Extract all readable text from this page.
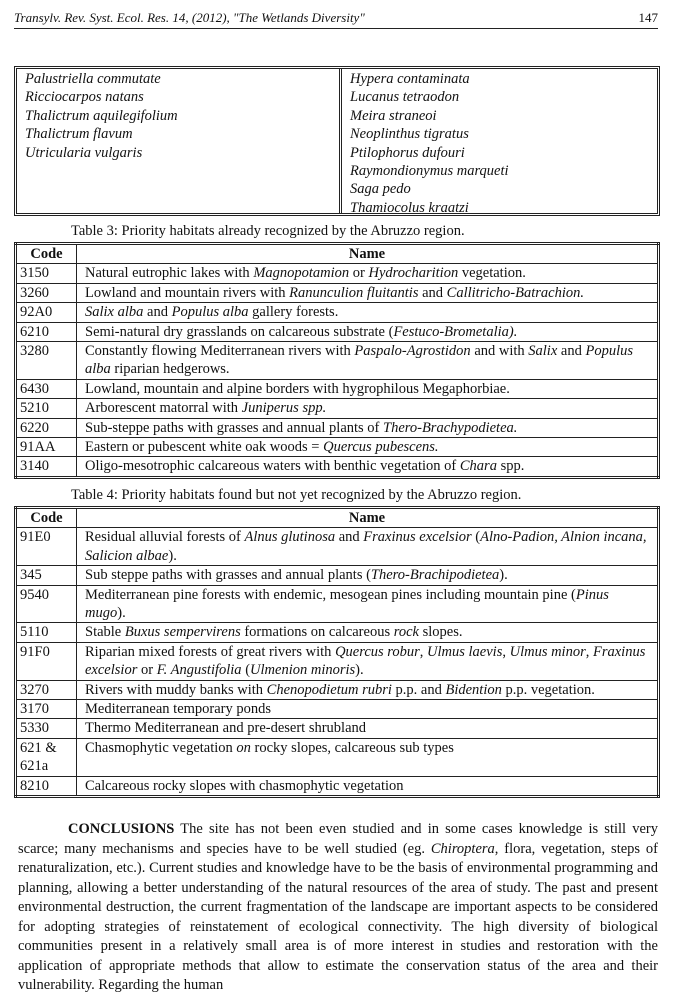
Transylv. Rev. Syst. Ecol. Res. 14, (2012), "The Wetlands Diversity"	147
Palustriella commutate
Ricciocarpos natans
Thalictrum aquilegifolium
Thalictrum flavum
Utricularia vulgaris
Hypera contaminata
Lucanus tetraodon
Meira straneoi
Neoplinthus tigratus
Ptilophorus dufouri
Raymondionymus marqueti
Saga pedo
Thamiocolus kraatzi
Table 3: Priority habitats already recognized by the Abruzzo region.
Code	Name
3150	Natural eutrophic lakes with Magnopotamion or Hydrocharition vegetation.
3260	Lowland and mountain rivers with Ranunculion fluitantis and Callitricho-Batrachion.
92A0	Salix alba and Populus alba gallery forests.
6210	Semi-natural dry grasslands on calcareous substrate (Festuco-Brometalia).
3280	Constantly flowing Mediterranean rivers with Paspalo-Agrostidon and with Salix and Populus alba riparian hedgerows.
6430	Lowland, mountain and alpine borders with hygrophilous Megaphorbiae.
5210	Arborescent matorral with Juniperus spp.
6220	Sub-steppe paths with grasses and annual plants of Thero-Brachypodietea.
91AA	Eastern or pubescent white oak woods = Quercus pubescens.
3140	Oligo-mesotrophic calcareous waters with benthic vegetation of Chara spp.
Table 4: Priority habitats found but not yet recognized by the Abruzzo region.
Code	Name
91E0	Residual alluvial forests of Alnus glutinosa and Fraxinus excelsior (Alno-Padion, Alnion incana, Salicion albae).
345	Sub steppe paths with grasses and annual plants (Thero-Brachipodietea).
9540	Mediterranean pine forests with endemic, mesogean pines including mountain pine (Pinus mugo).
5110	Stable Buxus sempervirens formations on calcareous rock slopes.
91F0	Riparian mixed forests of great rivers with Quercus robur, Ulmus laevis, Ulmus minor, Fraxinus excelsior or F. Angustifolia (Ulmenion minoris).
3270	Rivers with muddy banks with Chenopodietum rubri p.p. and Bidention p.p. vegetation.
3170	Mediterranean temporary ponds
5330	Thermo Mediterranean and pre-desert shrubland

621 &
621a	Chasmophytic vegetation on rocky slopes, calcareous sub types
8210	Calcareous rocky slopes with chasmophytic vegetation

CONCLUSIONS The site has not been even studied and in some cases knowledge is still very scarce; many mechanisms and species have to be well studied (eg. Chiroptera, flora, vegetation, steps of renaturalization, etc.). Current studies and knowledge have to be the basis of environmental programming and planning, allowing a better understanding of the natural resources of the area of study. The past and present environmental destruction, the current fragmentation of the landscape are important aspects to be considered for adopting strategies of reinstatement of ecological connectivity. The high diversity of biological communities present in a relatively small area is of more interest in studies and restoration with the application of appropriate methods that allow to estimate the conservation status of the area and their vulnerability. Regarding the human
